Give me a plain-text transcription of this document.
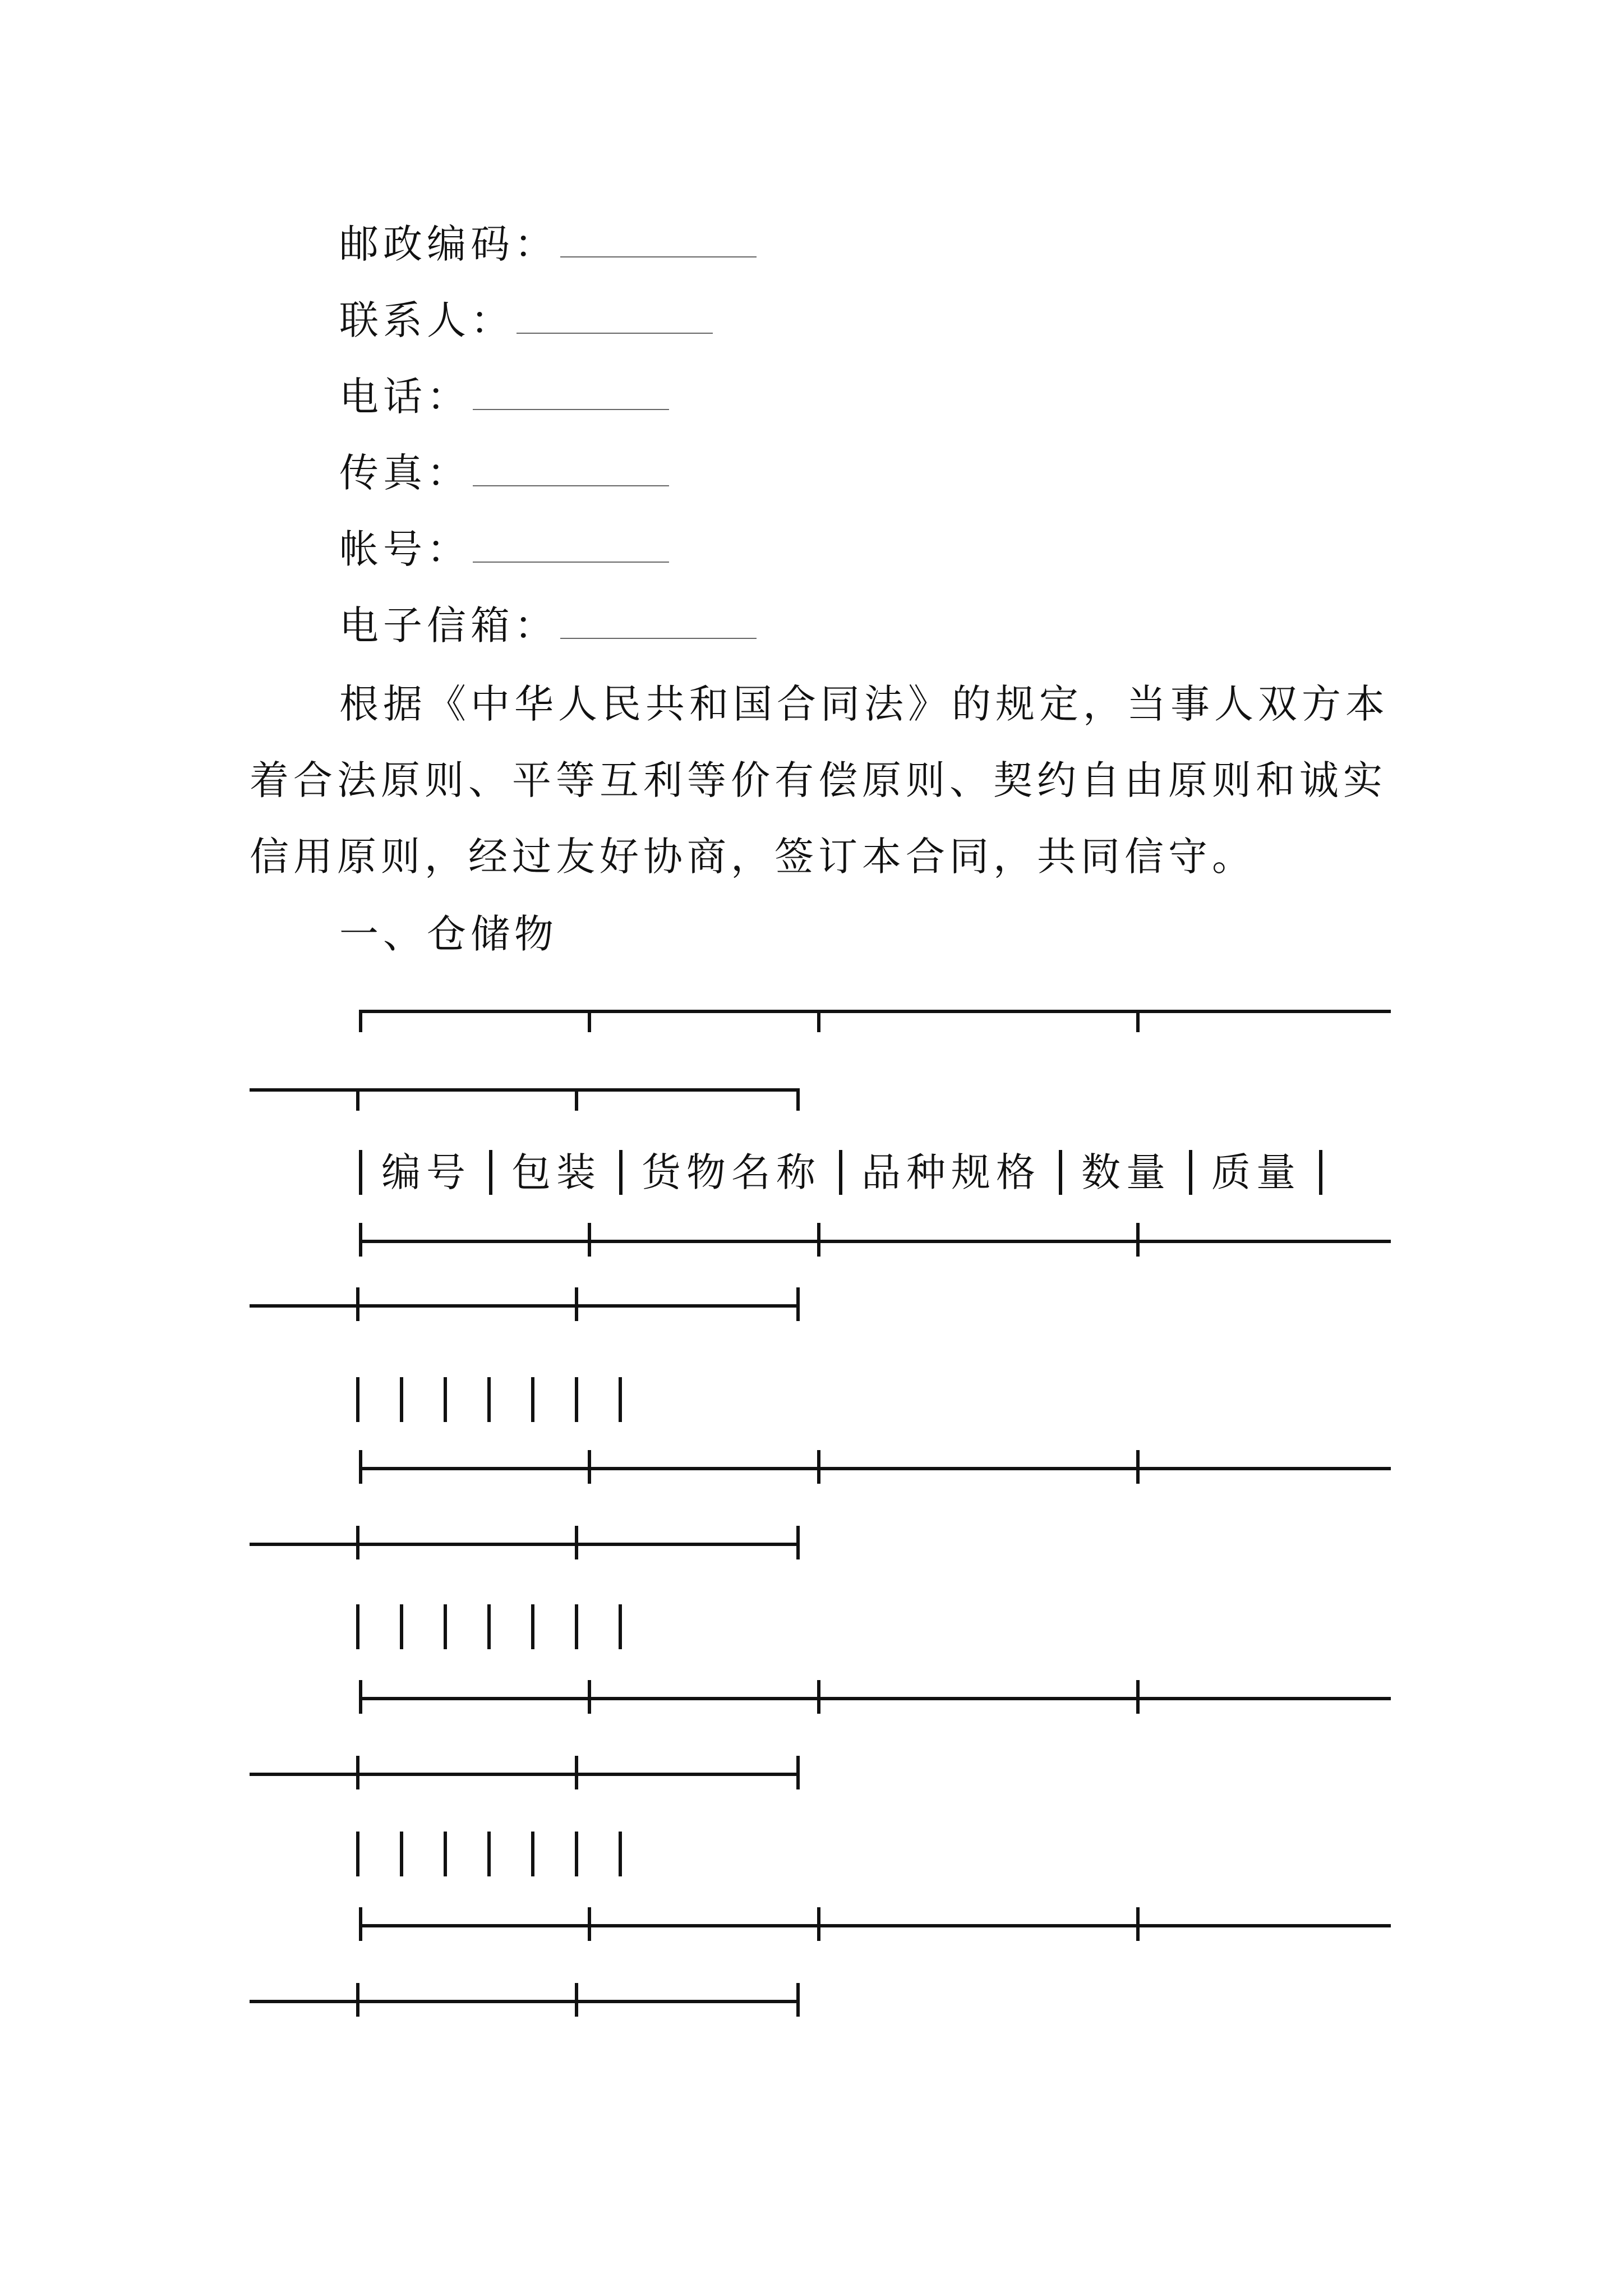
邮政编码：
联系人：
电话：
传真：
帐号：
电子信箱：
根据《中华人民共和国合同法》的规定，当事人双方本
着合法原则、平等互利等价有偿原则、契约自由原则和诚实
信用原则，经过友好协商，签订本合同，共同信守。
一、仓储物
编号 包装 货物名称 品种规格 数量 质量
